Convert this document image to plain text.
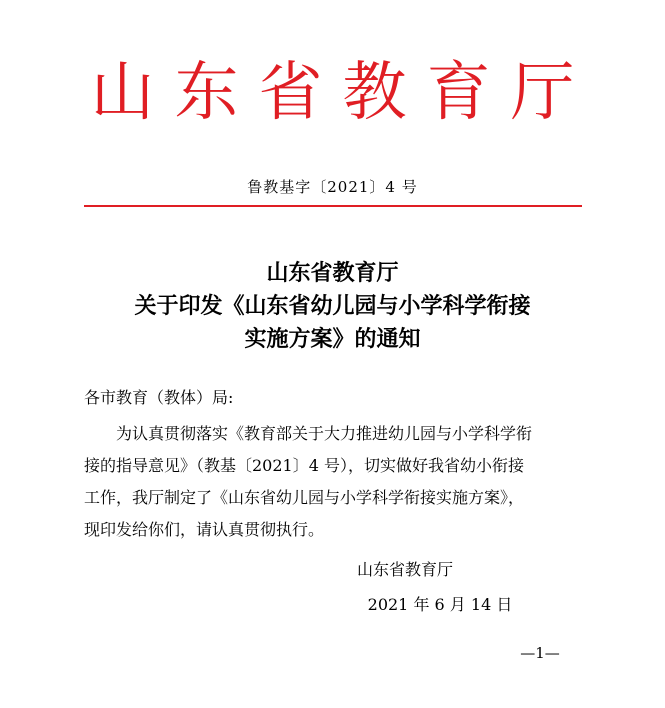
山东省教育厅
鲁教基字〔2021〕4 号
山东省教育厅
关于印发《山东省幼儿园与小学科学衔接
实施方案》的通知
各市教育（教体）局:
为认真贯彻落实《教育部关于大力推进幼儿园与小学科学衔
接的指导意见》（教基〔2021〕4 号），切实做好我省幼小衔接
工作，我厅制定了《山东省幼儿园与小学科学衔接实施方案》，
现印发给你们，请认真贯彻执行。
山东省教育厅
2021 年 6 月 14 日
—1—
